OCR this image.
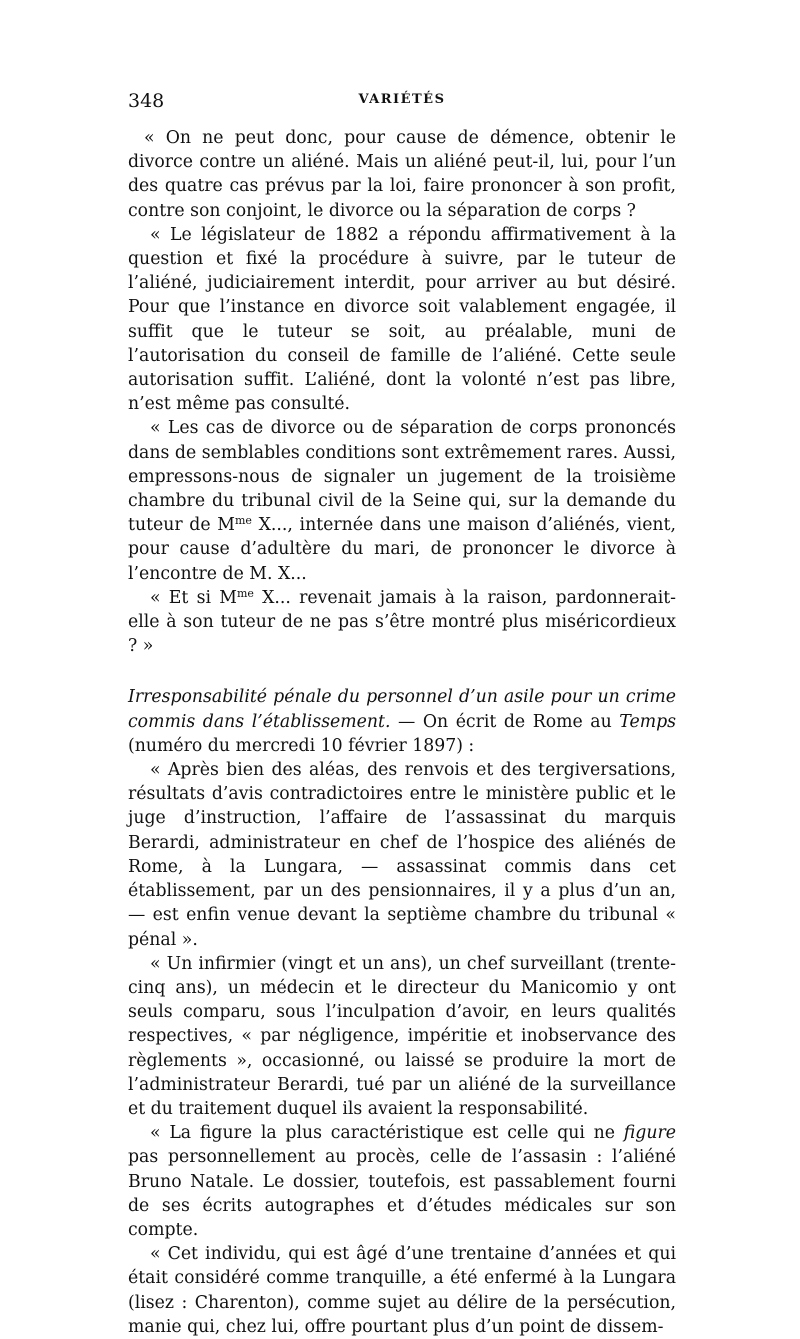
348	VARIÉTÉS

« On ne peut donc, pour cause de démence, obtenir le divorce contre un aliéné. Mais un aliéné peut-il, lui, pour l’un des quatre cas prévus par la loi, faire prononcer à son profit, contre son conjoint, le divorce ou la séparation de corps ?

« Le législateur de 1882 a répondu affirmativement à la question et fixé la procédure à suivre, par le tuteur de l’aliéné, judiciairement interdit, pour arriver au but désiré. Pour que l’instance en divorce soit valablement engagée, il suffit que le tuteur se soit, au préalable, muni de l’autorisation du conseil de famille de l’aliéné. Cette seule autorisation suffit. L’aliéné, dont la volonté n’est pas libre, n’est même pas consulté.

« Les cas de divorce ou de séparation de corps prononcés dans de semblables conditions sont extrêmement rares. Aussi, empressons-nous de signaler un jugement de la troisième chambre du tribunal civil de la Seine qui, sur la demande du tuteur de $M^{me}$ X..., internée dans une maison d’aliénés, vient, pour cause d’adultère du mari, de prononcer le divorce à l’encontre de M. X...

« Et si $M^{me}$ X... revenait jamais à la raison, pardonnerait-elle à son tuteur de ne pas s’être montré plus miséricordieux ? »

Irresponsabilité pénale du personnel d’un asile pour un crime commis dans l’établissement. — On écrit de Rome au Temps (numéro du mercredi 10 février 1897) :

« Après bien des aléas, des renvois et des tergiversations, résultats d’avis contradictoires entre le ministère public et le juge d’instruction, l’affaire de l’assassinat du marquis Berardi, administrateur en chef de l’hospice des aliénés de Rome, à la Lungara, — assassinat commis dans cet établissement, par un des pensionnaires, il y a plus d’un an, — est enfin venue devant la septième chambre du tribunal « pénal ».

« Un infirmier (vingt et un ans), un chef surveillant (trente-cinq ans), un médecin et le directeur du Manicomio y ont seuls comparu, sous l’inculpation d’avoir, en leurs qualités respectives, « par négligence, impéritie et inobservance des règlements », occasionné, ou laissé se produire la mort de l’administrateur Berardi, tué par un aliéné de la surveillance et du traitement duquel ils avaient la responsabilité.

« La figure la plus caractéristique est celle qui ne figure pas personnellement au procès, celle de l’assasin : l’aliéné Bruno Natale. Le dossier, toutefois, est passablement fourni de ses écrits autographes et d’études médicales sur son compte.

« Cet individu, qui est âgé d’une trentaine d’années et qui était considéré comme tranquille, a été enfermé à la Lungara (lisez : Charenton), comme sujet au délire de la persécution, manie qui, chez lui, offre pourtant plus d’un point de dissem-
